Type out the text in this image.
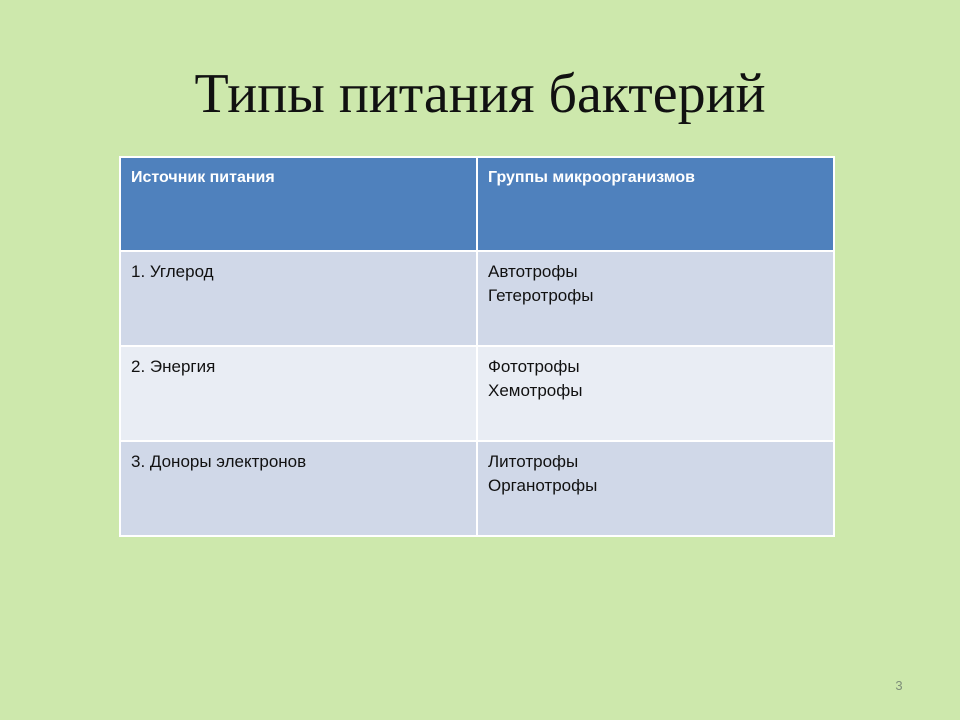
Типы питания бактерий
Источник питания	Группы микроорганизмов

1. Углерод	Автотрофы
Гетеротрофы

2. Энергия	Фототрофы
Хемотрофы

3. Доноры электронов	Литотрофы
Органотрофы
3
